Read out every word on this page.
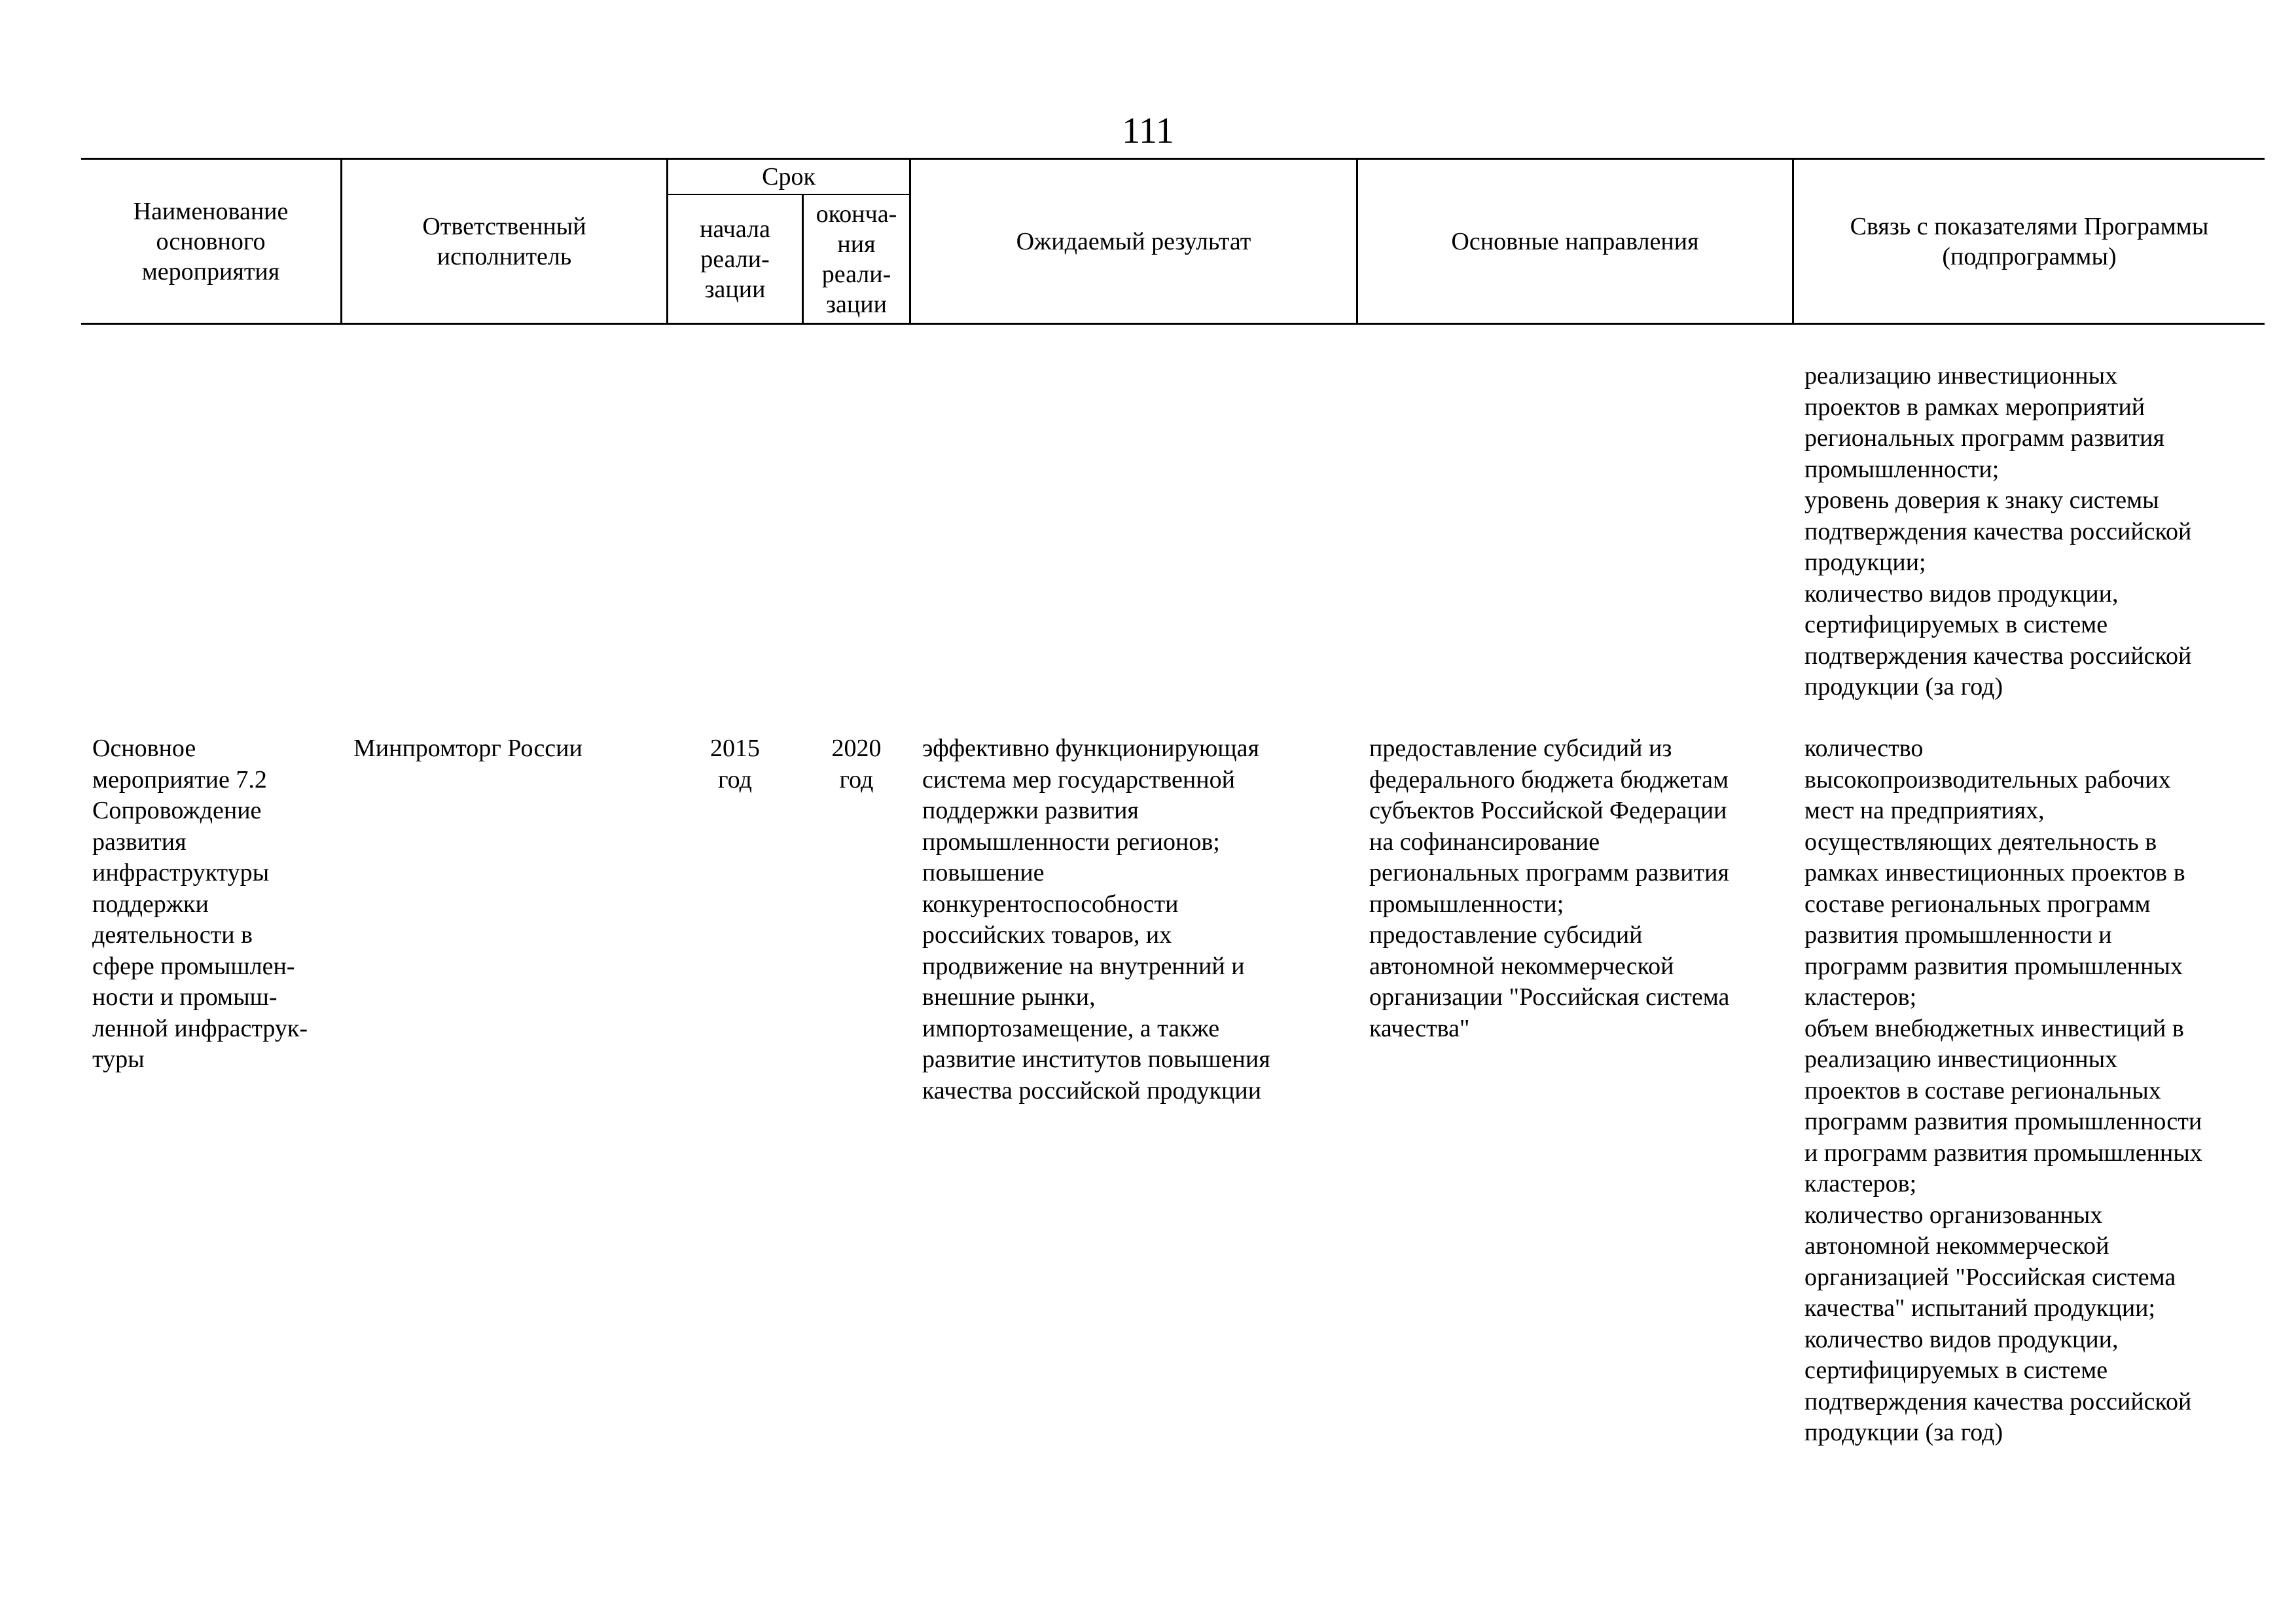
111
Наименование
основного
мероприятия
Ответственный
исполнитель
Срок
начала
реали-
зации
оконча-
ния
реали-
зации
Ожидаемый результат	Основные направления
Связь с показателями Программы
(подпрограммы)
реализацию инвестиционных
проектов в рамках мероприятий
региональных программ развития
промышленности;
уровень доверия к знаку системы
подтверждения качества российской
продукции;
количество видов продукции,
сертифицируемых в системе
подтверждения качества российской
продукции (за год)
Основное
мероприятие 7.2
Сопровождение
развития
инфраструктуры
поддержки
деятельности в
сфере промышлен-
ности и промыш-
ленной инфраструк-
туры
Минпромторг России	2015
год
2020
год
эффективно функционирующая
система мер государственной
поддержки развития
промышленности регионов;
повышение
конкурентоспособности
российских товаров, их
продвижение на внутренний и
внешние рынки,
импортозамещение, а также
развитие институтов повышения
качества российской продукции
предоставление субсидий из
федерального бюджета бюджетам
субъектов Российской Федерации
на софинансирование
региональных программ развития
промышленности;
предоставление субсидий
автономной некоммерческой
организации "Российская система
качества"
количество
высокопроизводительных рабочих
мест на предприятиях,
осуществляющих деятельность в
рамках инвестиционных проектов в
составе региональных программ
развития промышленности и
программ развития промышленных
кластеров;
объем внебюджетных инвестиций в
реализацию инвестиционных
проектов в составе региональных
программ развития промышленности
и программ развития промышленных
кластеров;
количество организованных
автономной некоммерческой
организацией "Российская система
качества" испытаний продукции;
количество видов продукции,
сертифицируемых в системе
подтверждения качества российской
продукции (за год)
